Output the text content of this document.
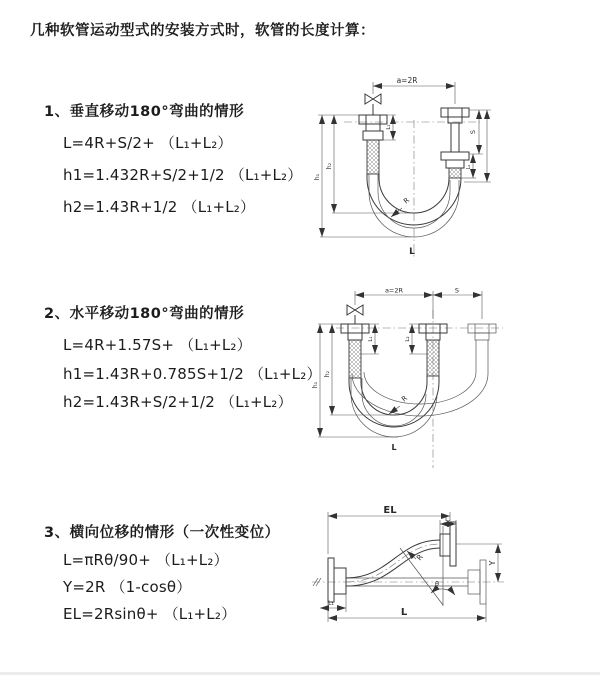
几种软管运动型式的安装方式时，软管的长度计算：
1、垂直移动180°弯曲的情形
L=4R+S/2+ （L₁+L₂）
h1=1.432R+S/2+1/2 （L₁+L₂）
h2=1.43R+1/2 （L₁+L₂）
2、水平移动180°弯曲的情形
L=4R+1.57S+ （L₁+L₂）
h1=1.43R+0.785S+1/2 （L₁+L₂）
h2=1.43R+S/2+1/2 （L₁+L₂）
3、横向位移的情形（一次性变位）
L=πRθ/90+ （L₁+L₂）
Y=2R （1-cosθ）
EL=2Rsinθ+ （L₁+L₂）
a=2R
L₁
S
L₂
h₂
h₁
R
L
a=2R	S
L₁	L₂
h₂
h₁
R
L
EL
L₂
Y
L
L₁
R
θ
